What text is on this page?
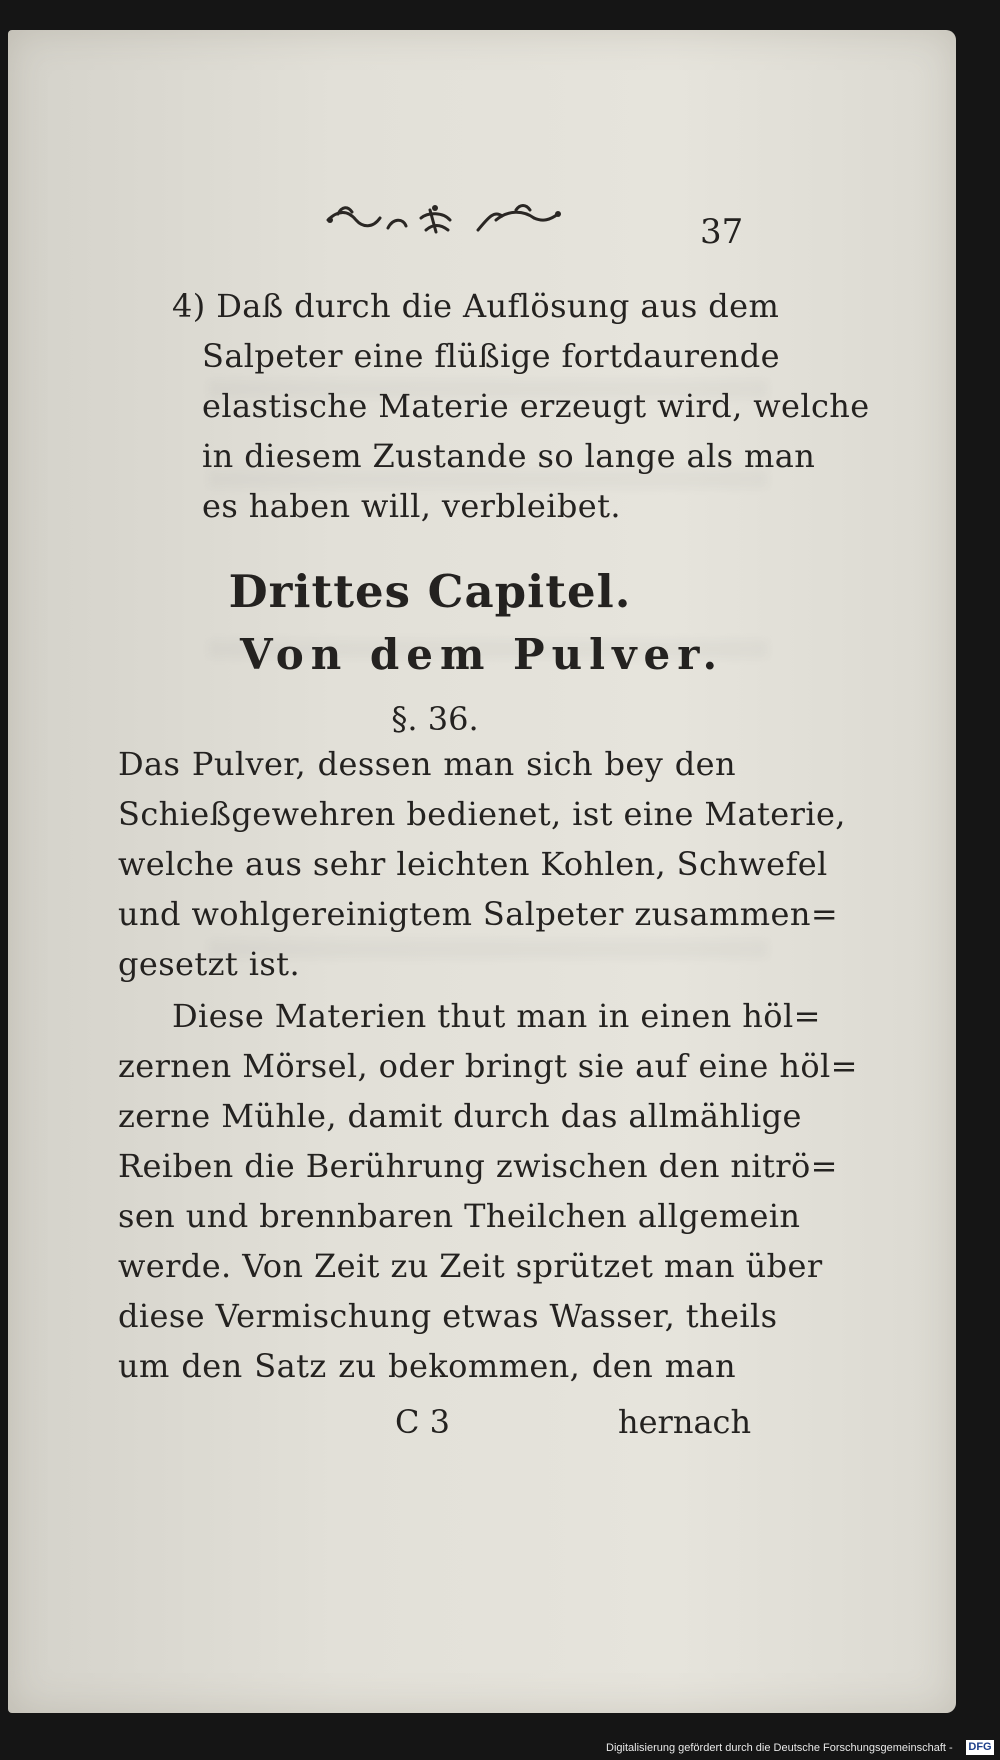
37
4) Daß durch die Auflösung aus dem
Salpeter eine flüßige fortdaurende
elastische Materie erzeugt wird, welche
in diesem Zustande so lange als man
es haben will, verbleibet.
Drittes Capitel.
Von dem Pulver.
§. 36.
Das Pulver, dessen man sich bey den
Schießgewehren bedienet, ist eine Materie,
welche aus sehr leichten Kohlen, Schwefel
und wohlgereinigtem Salpeter zusammen=
gesetzt ist.
Diese Materien thut man in einen höl=
zernen Mörsel, oder bringt sie auf eine höl=
zerne Mühle, damit durch das allmählige
Reiben die Berührung zwischen den nitrö=
sen und brennbaren Theilchen allgemein
werde. Von Zeit zu Zeit sprützet man über
diese Vermischung etwas Wasser, theils
um den Satz zu bekommen, den man
C 3	hernach
Digitalisierung gefördert durch die Deutsche Forschungsgemeinschaft - DFG
